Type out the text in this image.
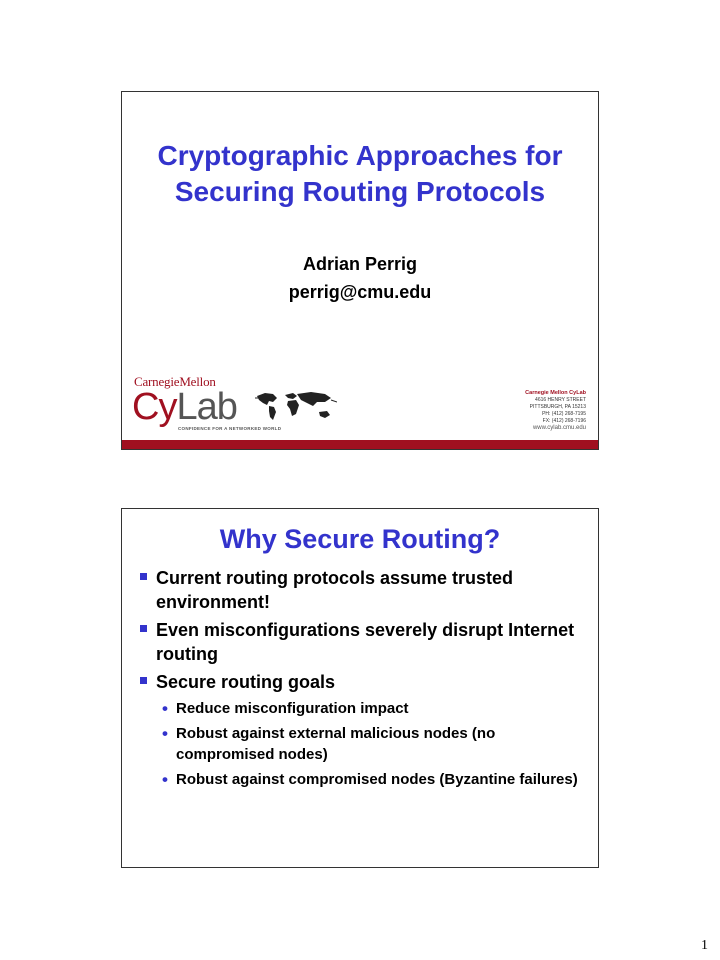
Cryptographic Approaches for
Securing Routing Protocols
Adrian Perrig
perrig@cmu.edu
CarnegieMellon
CyLab
CONFIDENCE FOR A NETWORKED WORLD
Carnegie Mellon CyLab
4616 HENRY STREET
PITTSBURGH, PA 15213
PH: (412) 268-7195
FX: (412) 268-7196
www.cylab.cmu.edu
Why Secure Routing?
Current routing protocols assume trusted environment!
Even misconfigurations severely disrupt Internet routing
Secure routing goals
• Reduce misconfiguration impact
• Robust against external malicious nodes (no compromised nodes)
• Robust against compromised nodes (Byzantine failures)
1
